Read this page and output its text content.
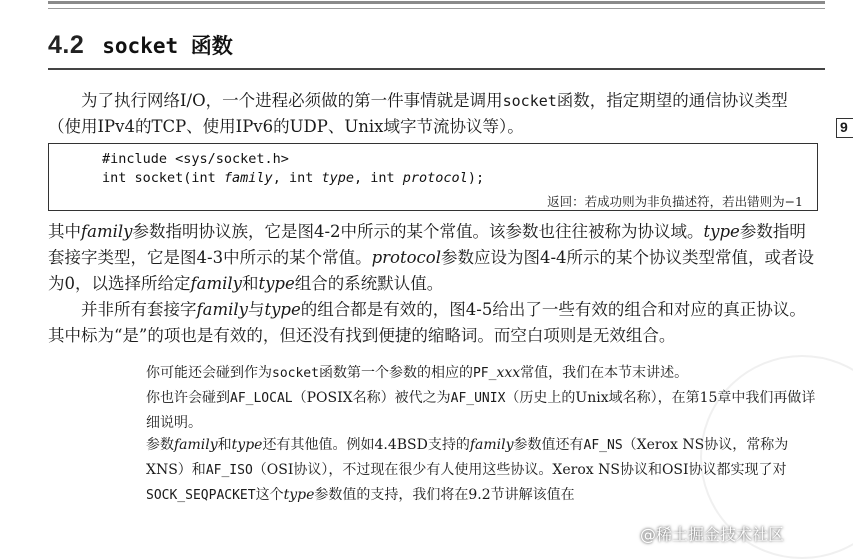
4.2 socket 函数

为了执行网络I/O，一个进程必须做的第一件事情就是调用socket函数，指定期望的通信协议类型（使用IPv4的TCP、使用IPv6的UDP、Unix域字节流协议等）。	9
#include <sys/socket.h>
int socket(int family, int type, int protocol);
返回：若成功则为非负描述符，若出错则为−1

其中family参数指明协议族，它是图4-2中所示的某个常值。该参数也往往被称为协议域。type参数指明套接字类型，它是图4-3中所示的某个常值。protocol参数应设为图4-4所示的某个协议类型常值，或者设为0，以选择所给定family和type组合的系统默认值。

并非所有套接字family与type的组合都是有效的，图4-5给出了一些有效的组合和对应的真正协议。其中标为“是”的项也是有效的，但还没有找到便捷的缩略词。而空白项则是无效组合。

你可能还会碰到作为socket函数第一个参数的相应的PF_xxx常值，我们在本节末讲述。

你也许会碰到AF_LOCAL（POSIX名称）被代之为AF_UNIX（历史上的Unix域名称），在第15章中我们再做详细说明。

参数family和type还有其他值。例如4.4BSD支持的family参数值还有AF_NS（Xerox NS协议，常称为XNS）和AF_ISO（OSI协议），不过现在很少有人使用这些协议。Xerox NS协议和OSI协议都实现了对SOCK_SEQPACKET这个type参数值的支持，我们将在9.2节讲解该值在

@稀土掘金技术社区
